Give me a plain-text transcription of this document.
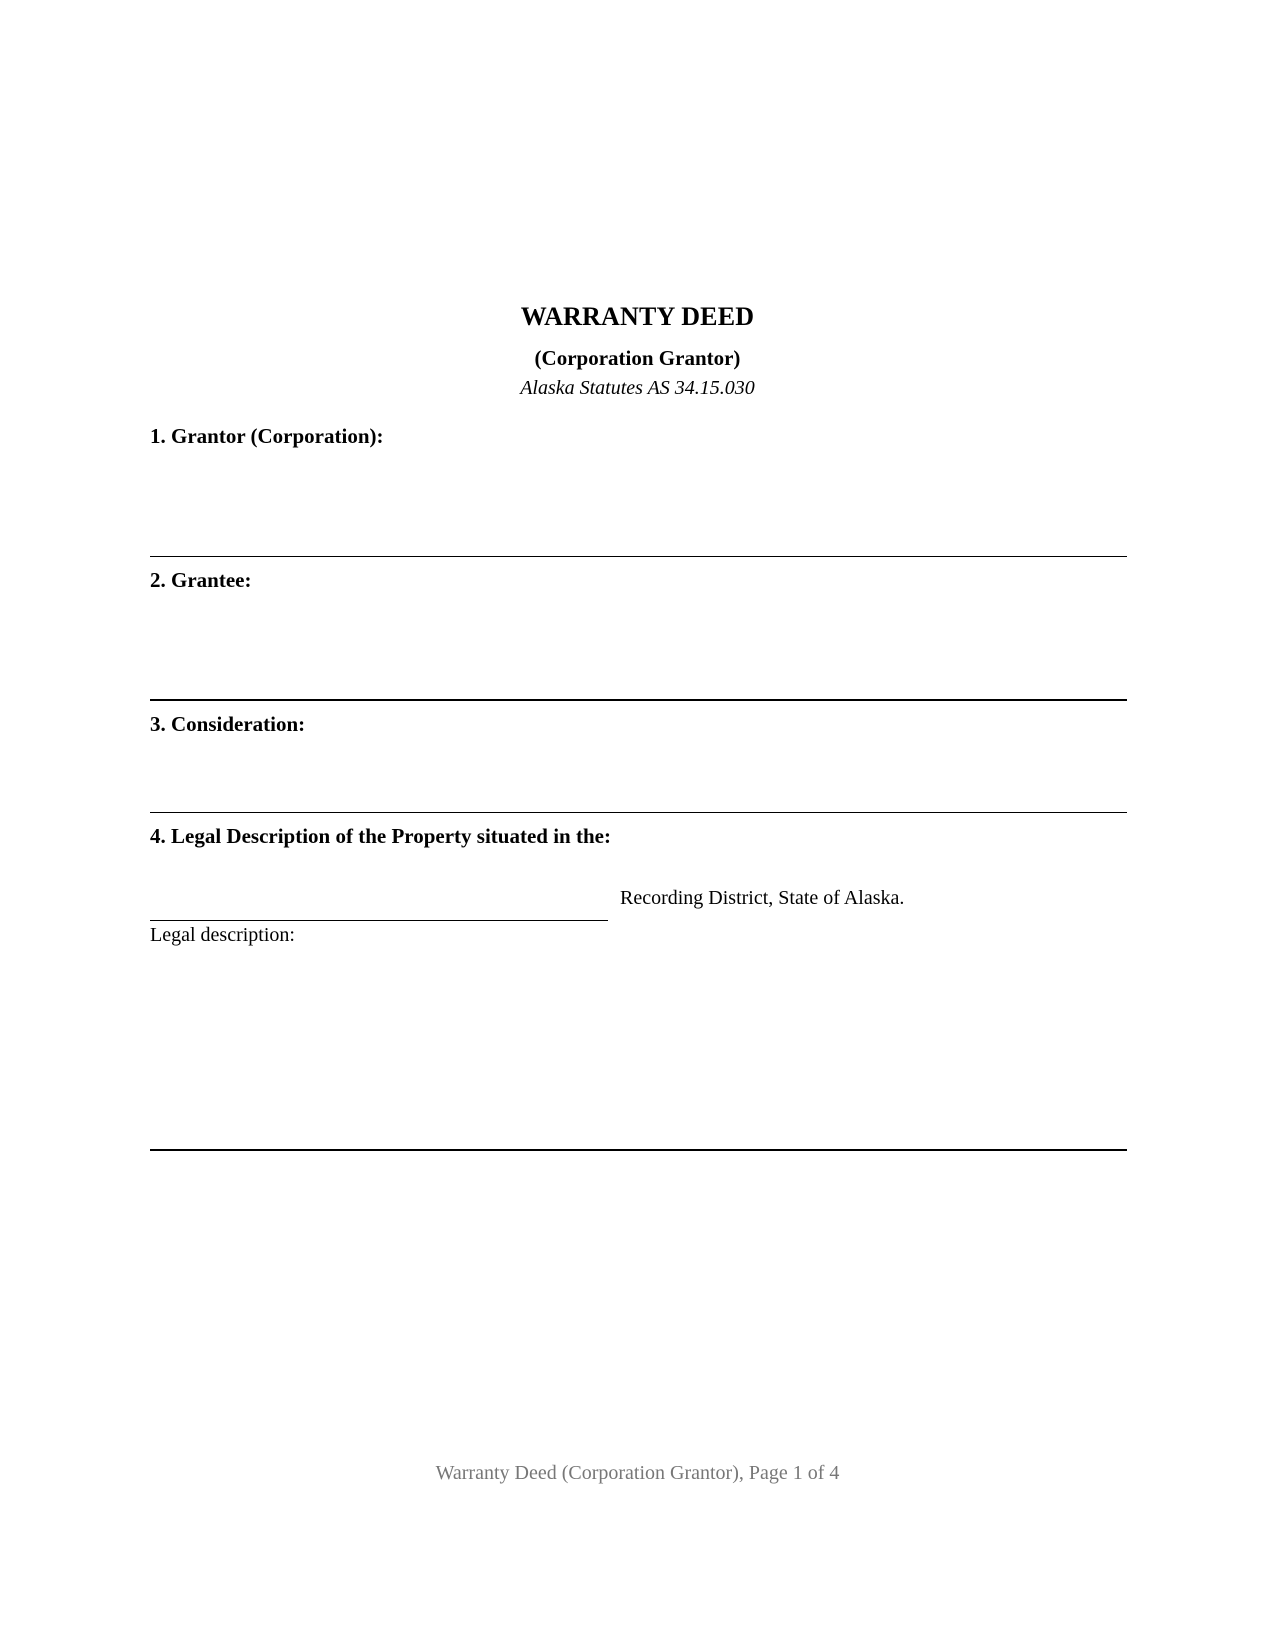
WARRANTY DEED
(Corporation Grantor)
Alaska Statutes AS 34.15.030
1. Grantor (Corporation):
2. Grantee:
3. Consideration:
4. Legal Description of the Property situated in the:
Recording District, State of Alaska.
Legal description:
Warranty Deed (Corporation Grantor), Page 1 of 4
